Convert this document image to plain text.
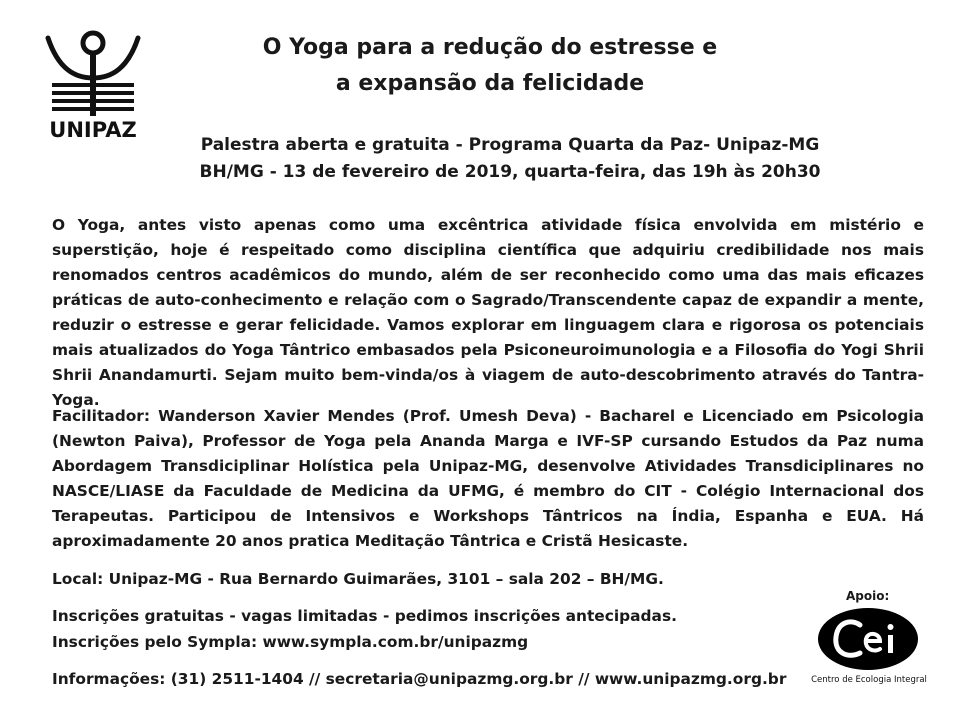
UNIPAZ
O Yoga para a redução do estresse e
a expansão da felicidade
Palestra aberta e gratuita - Programa Quarta da Paz- Unipaz-MG
BH/MG - 13 de fevereiro de 2019, quarta-feira, das 19h às 20h30

O Yoga, antes visto apenas como uma excêntrica atividade física envolvida em mistério e superstição, hoje é respeitado como disciplina científica que adquiriu credibilidade nos mais renomados centros acadêmicos do mundo, além de ser reconhecido como uma das mais eficazes práticas de auto-conhecimento e relação com o Sagrado/Transcendente capaz de expandir a mente, reduzir o estresse e gerar felicidade. Vamos explorar em linguagem clara e rigorosa os potenciais mais atualizados do Yoga Tântrico embasados pela Psiconeuroimunologia e a Filosofia do Yogi Shrii Shrii Anandamurti. Sejam muito bem-vinda/os à viagem de auto-descobrimento através do Tantra-Yoga.

Facilitador: Wanderson Xavier Mendes (Prof. Umesh Deva) - Bacharel e Licenciado em Psicologia (Newton Paiva), Professor de Yoga pela Ananda Marga e IVF-SP cursando Estudos da Paz numa Abordagem Transdiciplinar Holística pela Unipaz-MG, desenvolve Atividades Transdiciplinares no NASCE/LIASE da Faculdade de Medicina da UFMG, é membro do CIT - Colégio Internacional dos Terapeutas. Participou de Intensivos e Workshops Tântricos na Índia, Espanha e EUA. Há aproximadamente 20 anos pratica Meditação Tântrica e Cristã Hesicaste.

Local: Unipaz-MG - Rua Bernardo Guimarães, 3101 – sala 202 – BH/MG.
Inscrições gratuitas - vagas limitadas - pedimos inscrições antecipadas.
Inscrições pelo Sympla: www.sympla.com.br/unipazmg
Informações: (31) 2511-1404 // secretaria@unipazmg.org.br // www.unipazmg.org.br
Apoio:
Centro de Ecologia Integral
